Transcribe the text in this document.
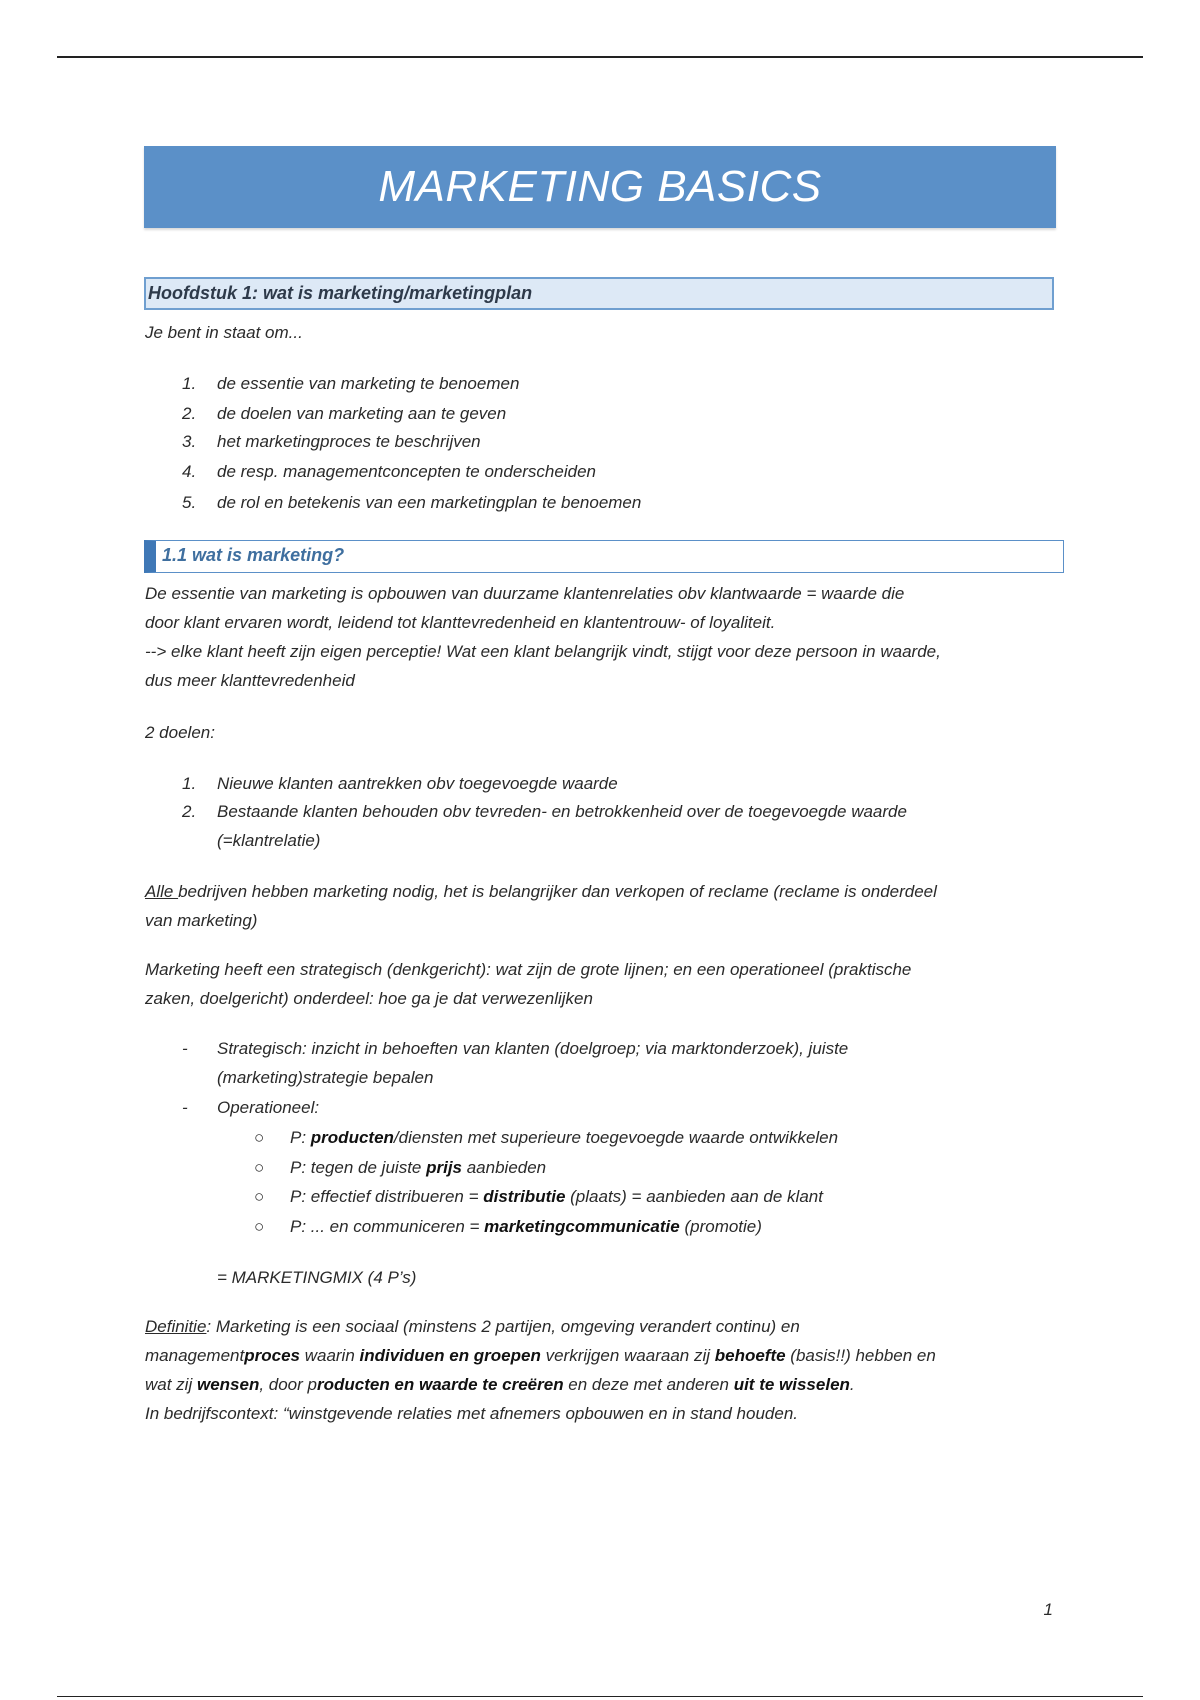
MARKETING BASICS
Hoofdstuk 1: wat is marketing/marketingplan
Je bent in staat om...
1. de essentie van marketing te benoemen
2. de doelen van marketing aan te geven
3. het marketingproces te beschrijven
4. de resp. managementconcepten te onderscheiden
5. de rol en betekenis van een marketingplan te benoemen
1.1 wat is marketing?
De essentie van marketing is opbouwen van duurzame klantenrelaties obv klantwaarde = waarde die
door klant ervaren wordt, leidend tot klanttevredenheid en klantentrouw- of loyaliteit.
--> elke klant heeft zijn eigen perceptie! Wat een klant belangrijk vindt, stijgt voor deze persoon in waarde,
dus meer klanttevredenheid
2 doelen:
1. Nieuwe klanten aantrekken obv toegevoegde waarde
2. Bestaande klanten behouden obv tevreden- en betrokkenheid over de toegevoegde waarde
(=klantrelatie)
Alle bedrijven hebben marketing nodig, het is belangrijker dan verkopen of reclame (reclame is onderdeel
van marketing)
Marketing heeft een strategisch (denkgericht): wat zijn de grote lijnen; en een operationeel (praktische
zaken, doelgericht) onderdeel: hoe ga je dat verwezenlijken
- Strategisch: inzicht in behoeften van klanten (doelgroep; via marktonderzoek), juiste
(marketing)strategie bepalen
- Operationeel:
○ P: producten/diensten met superieure toegevoegde waarde ontwikkelen
○ P: tegen de juiste prijs aanbieden
○ P: effectief distribueren = distributie (plaats) = aanbieden aan de klant
○ P: ... en communiceren = marketingcommunicatie (promotie)
= MARKETINGMIX (4 P’s)
Definitie: Marketing is een sociaal (minstens 2 partijen, omgeving verandert continu) en
managementproces waarin individuen en groepen verkrijgen waaraan zij behoefte (basis!!) hebben en
wat zij wensen, door producten en waarde te creëren en deze met anderen uit te wisselen.
In bedrijfscontext: “winstgevende relaties met afnemers opbouwen en in stand houden.
1
